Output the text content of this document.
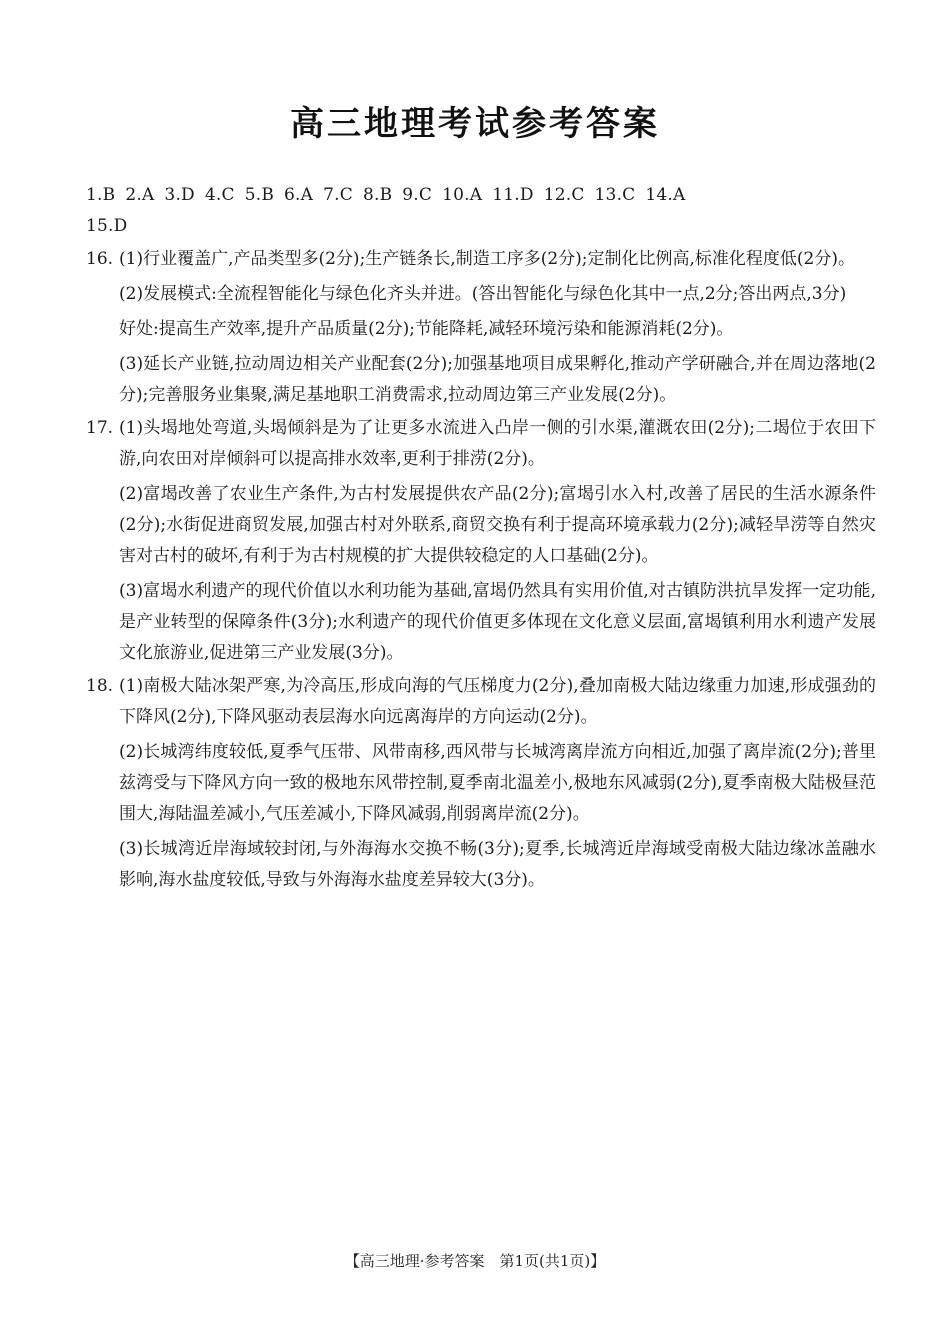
高三地理考试参考答案
1.B 2.A 3.D 4.C 5.B 6.A 7.C 8.B 9.C 10.A 11.D 12.C 13.C 14.A
15.D
16. (1)行业覆盖广,产品类型多(2分);生产链条长,制造工序多(2分);定制化比例高,标准化程度低(2分)。

(2)发展模式:全流程智能化与绿色化齐头并进。(答出智能化与绿色化其中一点,2分;答出两点,3分)

好处:提高生产效率,提升产品质量(2分);节能降耗,减轻环境污染和能源消耗(2分)。

(3)延长产业链,拉动周边相关产业配套(2分);加强基地项目成果孵化,推动产学研融合,并在周边落地(2分);完善服务业集聚,满足基地职工消费需求,拉动周边第三产业发展(2分)。

17. (1)头堨地处弯道,头堨倾斜是为了让更多水流进入凸岸一侧的引水渠,灌溉农田(2分);二堨位于农田下游,向农田对岸倾斜可以提高排水效率,更利于排涝(2分)。

(2)富堨改善了农业生产条件,为古村发展提供农产品(2分);富堨引水入村,改善了居民的生活水源条件(2分);水街促进商贸发展,加强古村对外联系,商贸交换有利于提高环境承载力(2分);减轻旱涝等自然灾害对古村的破坏,有利于为古村规模的扩大提供较稳定的人口基础(2分)。

(3)富堨水利遗产的现代价值以水利功能为基础,富堨仍然具有实用价值,对古镇防洪抗旱发挥一定功能,是产业转型的保障条件(3分);水利遗产的现代价值更多体现在文化意义层面,富堨镇利用水利遗产发展文化旅游业,促进第三产业发展(3分)。

18. (1)南极大陆冰架严寒,为冷高压,形成向海的气压梯度力(2分),叠加南极大陆边缘重力加速,形成强劲的下降风(2分),下降风驱动表层海水向远离海岸的方向运动(2分)。

(2)长城湾纬度较低,夏季气压带、风带南移,西风带与长城湾离岸流方向相近,加强了离岸流(2分);普里兹湾受与下降风方向一致的极地东风带控制,夏季南北温差小,极地东风减弱(2分),夏季南极大陆极昼范围大,海陆温差减小,气压差减小,下降风减弱,削弱离岸流(2分)。

(3)长城湾近岸海域较封闭,与外海海水交换不畅(3分);夏季,长城湾近岸海域受南极大陆边缘冰盖融水影响,海水盐度较低,导致与外海海水盐度差异较大(3分)。

【高三地理·参考答案　第1页(共1页)】
